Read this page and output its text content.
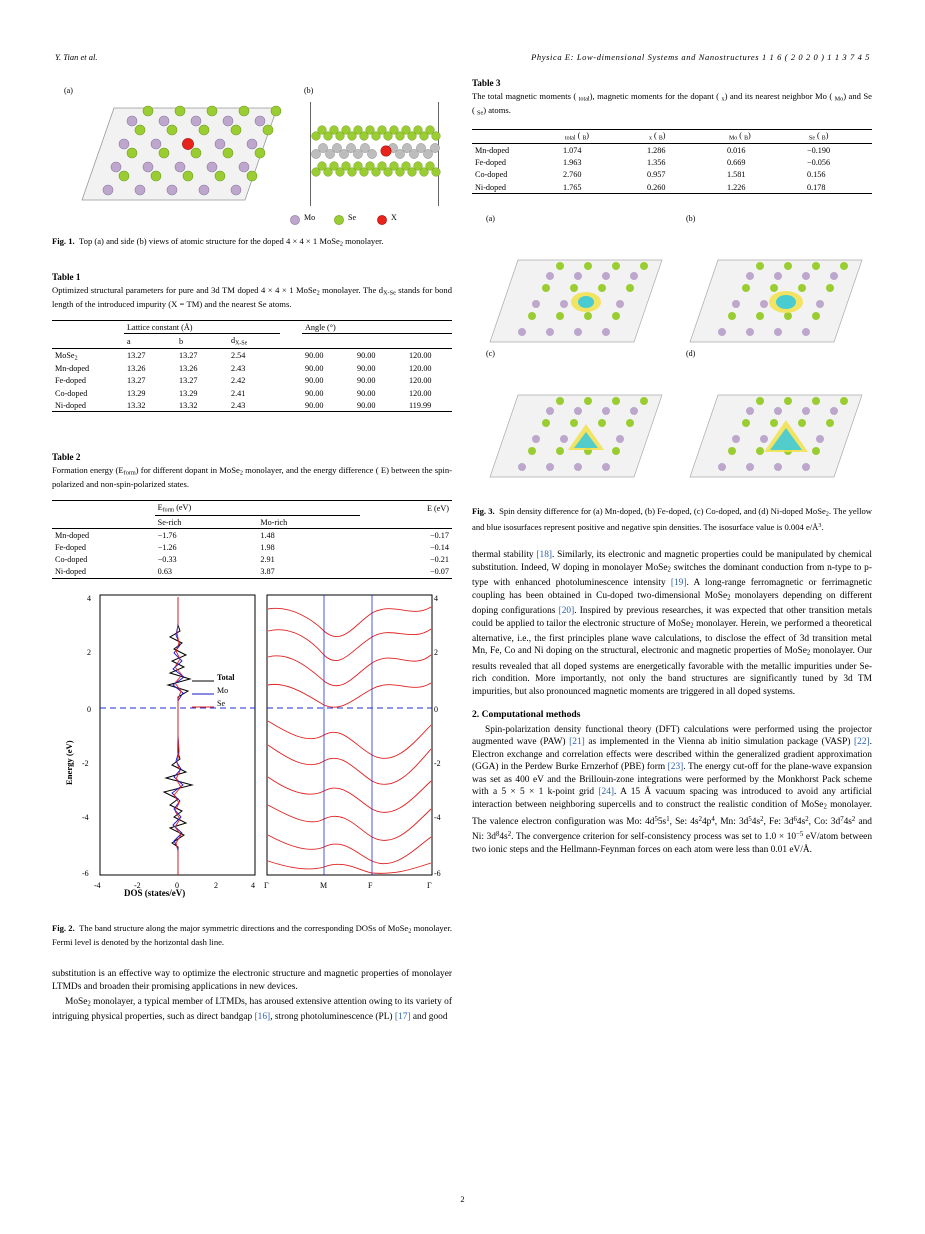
Y. Tian et al.	Physica E: Low-dimensional Systems and Nanostructures 1 1 6 ( 2 0 2 0 ) 1 1 3 7 4 5
(a)	(b)
Mo	Se	X
Fig. 1.  Top (a) and side (b) views of atomic structure for the doped 4 × 4 × 1 MoSe$_2$ monolayer.
Table 1
Optimized structural parameters for pure and 3d TM doped 4 × 4 × 1 MoSe$_2$ monolayer. The $d_{X-Se}$ stands for bond length of the introduced impurity (X = TM) and the nearest Se atoms.
	Lattice constant (Å)				Angle (°)		
	a	b	$d_{X-Se}$				
MoSe$_2$	13.27	13.27	2.54		90.00	90.00	120.00
Mn-doped	13.26	13.26	2.43		90.00	90.00	120.00
Fe-doped	13.27	13.27	2.42		90.00	90.00	120.00
Co-doped	13.29	13.29	2.41		90.00	90.00	120.00
Ni-doped	13.32	13.32	2.43		90.00	90.00	119.99
Table 2
Formation energy $(E_{form})$ for different dopant in MoSe$_2$ monolayer, and the energy difference ( E) between the spin-polarized and non-spin-polarized states.
	$E_{form}$ (eV)		E (eV)
	Se-rich	Mo-rich	
Mn-doped	−1.76	1.48	−0.17
Fe-doped	−1.26	1.98	−0.14
Co-doped	−0.33	2.91	−0.21
Ni-doped	0.63	3.87	−0.07
4
2
0
-2
-4
-6
4
2
0
-2
-4
-6
-4	-2	0	2	4 Γ	M	F	Γ
Total
Mo
Se
Energy (eV)
DOS (states/eV)
Fig. 2.  The band structure along the major symmetric directions and the corresponding DOSs of MoSe$_2$ monolayer. Fermi level is denoted by the horizontal dash line.

substitution is an effective way to optimize the electronic structure and magnetic properties of monolayer LTMDs and broaden their promising applications in new devices.

MoSe$_2$ monolayer, a typical member of LTMDs, has aroused extensive attention owing to its variety of intriguing physical properties, such as direct bandgap [16], strong photoluminescence (PL) [17] and good

Table 3
The total magnetic moments ( $_{total}$), magnetic moments for the dopant ( $_x$) and its nearest neighbor Mo ( $_{Mo}$) and Se ( $_{Se}$) atoms.
	$_{total}$ ( $_B$)	$_x$ ( $_B$)	$_{Mo}$ ( $_B$)	$_{Se}$ ( $_B$)
Mn-doped	1.074	1.286	0.016	−0.190
Fe-doped	1.963	1.356	0.669	−0.056
Co-doped	2.760	0.957	1.581	0.156
Ni-doped	1.765	0.260	1.226	0.178
(a)	(b)
(c)	(d)
Fig. 3.  Spin density difference for (a) Mn-doped, (b) Fe-doped, (c) Co-doped, and (d) Ni-doped MoSe$_2$. The yellow and blue isosurfaces represent positive and negative spin densities. The isosurface value is 0.004 $e/Å^3$.

thermal stability [18]. Similarly, its electronic and magnetic properties could be manipulated by chemical substitution. Indeed, W doping in monolayer MoSe$_2$ switches the dominant conduction from n-type to p-type with enhanced photoluminescence intensity [19]. A long-range ferromagnetic or ferrimagnetic coupling has been obtained in Cu-doped two-dimensional MoSe$_2$ monolayers depending on different doping configurations [20]. Inspired by previous researches, it was expected that other transition metals could be applied to tailor the electronic structure of MoSe$_2$ monolayer. Herein, we performed a theoretical alternative, i.e., the first principles plane wave calculations, to disclose the effect of 3d transition metal Mn, Fe, Co and Ni doping on the structural, electronic and magnetic properties of MoSe$_2$ monolayer. Our results revealed that all doped systems are energetically favorable with the metallic impurities under Se-rich condition. More importantly, not only the band structures are significantly tuned by 3d TM impurities, but also pronounced magnetic moments are triggered in all doped systems.

2. Computational methods

Spin-polarization density functional theory (DFT) calculations were performed using the projector augmented wave (PAW) [21] as implemented in the Vienna ab initio simulation package (VASP) [22]. Electron exchange and correlation effects were described within the generalized gradient approximation (GGA) in the Perdew Burke Ernzerhof (PBE) form [23]. The energy cut-off for the plane-wave expansion was set as 400 eV and the Brillouin-zone integrations were performed by the Monkhorst Pack scheme with a 5 × 5 × 1 k-point grid [24]. A 15 Å vacuum spacing was introduced to avoid any artificial interaction between neighboring supercells and to construct the realistic condition of MoSe$_2$ monolayer. The valence electron configuration was Mo: $4d^55s^1$, Se: $4s^24p^4$, Mn: $3d^54s^2$, Fe: $3d^64s^2$, Co: $3d^74s^2$ and Ni: $3d^84s^2$. The convergence criterion for self-consistency process was set to $1.0 \times 10^{-5}$ eV/atom between two ionic steps and the Hellmann-Feynman forces on each atom were less than 0.01 eV/Å.

2
